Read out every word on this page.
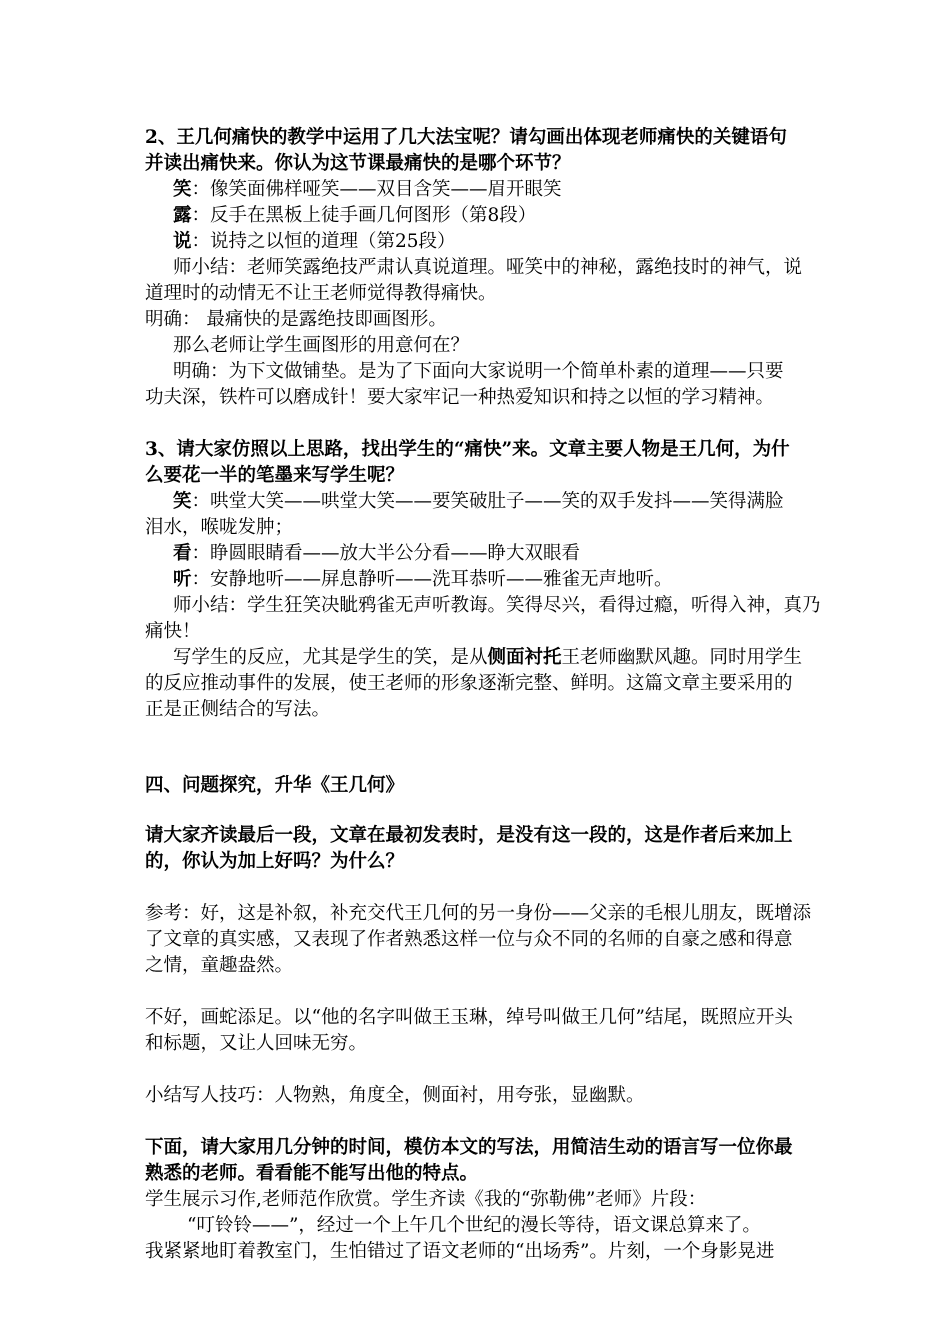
2、王几何痛快的教学中运用了几大法宝呢？请勾画出体现老师痛快的关键语句
并读出痛快来。你认为这节课最痛快的是哪个环节？
笑：像笑面佛样哑笑——双目含笑——眉开眼笑
露：反手在黑板上徒手画几何图形（第8段）
说：说持之以恒的道理（第25段）
师小结：老师笑露绝技严肃认真说道理。哑笑中的神秘，露绝技时的神气，说
道理时的动情无不让王老师觉得教得痛快。
明确： 最痛快的是露绝技即画图形。
那么老师让学生画图形的用意何在？
明确：为下文做铺垫。是为了下面向大家说明一个简单朴素的道理——只要
功夫深，铁杵可以磨成针！要大家牢记一种热爱知识和持之以恒的学习精神。
3、请大家仿照以上思路，找出学生的“痛快”来。文章主要人物是王几何，为什
么要花一半的笔墨来写学生呢？
笑：哄堂大笑——哄堂大笑——要笑破肚子——笑的双手发抖——笑得满脸
泪水，喉咙发肿；
看：睁圆眼睛看——放大半公分看——睁大双眼看
听：安静地听——屏息静听——洗耳恭听——雅雀无声地听。
师小结：学生狂笑决眦鸦雀无声听教诲。笑得尽兴，看得过瘾，听得入神，真乃
痛快！
写学生的反应，尤其是学生的笑，是从侧面衬托王老师幽默风趣。同时用学生
的反应推动事件的发展，使王老师的形象逐渐完整、鲜明。这篇文章主要采用的
正是正侧结合的写法。
四、问题探究，升华《王几何》
请大家齐读最后一段，文章在最初发表时，是没有这一段的，这是作者后来加上
的，你认为加上好吗？为什么？
参考：好，这是补叙，补充交代王几何的另一身份——父亲的毛根儿朋友，既增添
了文章的真实感，又表现了作者熟悉这样一位与众不同的名师的自豪之感和得意
之情，童趣盎然。
不好，画蛇添足。以“他的名字叫做王玉琳，绰号叫做王几何”结尾，既照应开头
和标题，又让人回味无穷。
小结写人技巧：人物熟，角度全，侧面衬，用夸张，显幽默。
下面，请大家用几分钟的时间，模仿本文的写法，用简洁生动的语言写一位你最
熟悉的老师。看看能不能写出他的特点。
学生展示习作,老师范作欣赏。学生齐读《我的“弥勒佛”老师》片段：
“叮铃铃——”，经过一个上午几个世纪的漫长等待，语文课总算来了。
我紧紧地盯着教室门，生怕错过了语文老师的“出场秀”。片刻，一个身影晃进
